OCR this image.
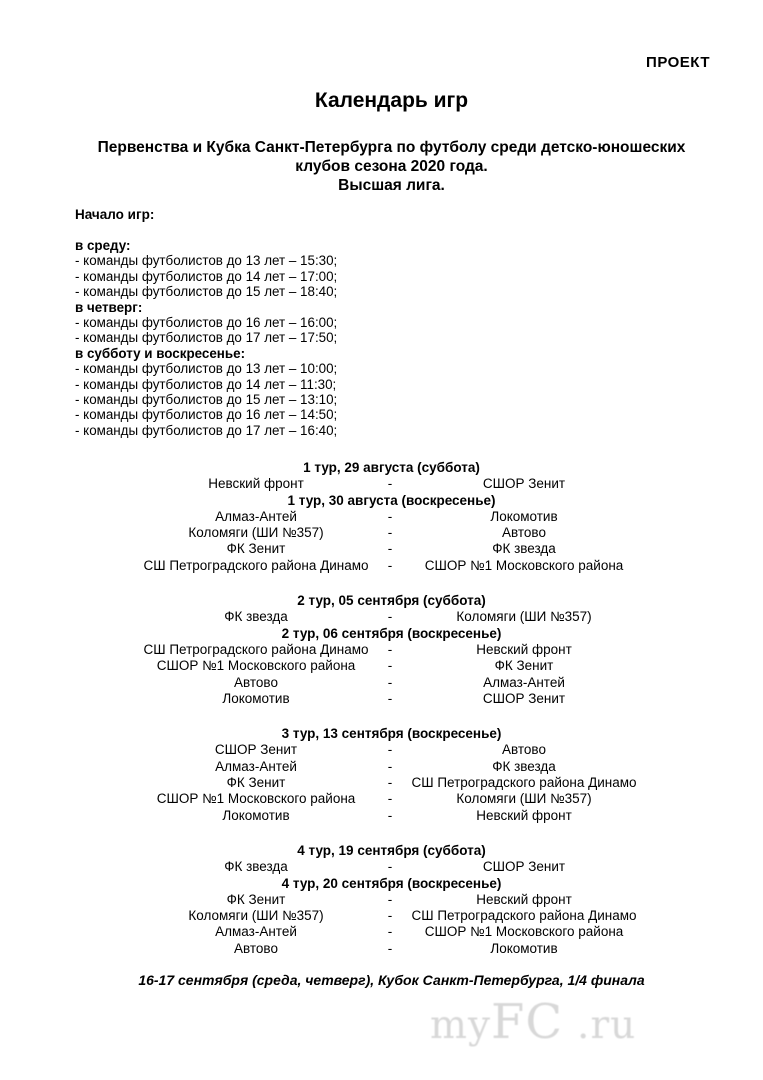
ПРОЕКТ
Календарь игр
Первенства и Кубка Санкт-Петербурга по футболу среди детско-юношеских
клубов сезона 2020 года.
Высшая лига.
Начало игр:
в среду:
- команды футболистов до 13 лет – 15:30;
- команды футболистов до 14 лет – 17:00;
- команды футболистов до 15 лет – 18:40;
в четверг:
- команды футболистов до 16 лет – 16:00;
- команды футболистов до 17 лет – 17:50;
в субботу и воскресенье:
- команды футболистов до 13 лет – 10:00;
- команды футболистов до 14 лет – 11:30;
- команды футболистов до 15 лет – 13:10;
- команды футболистов до 16 лет – 14:50;
- команды футболистов до 17 лет – 16:40;
1 тур, 29 августа (суббота)
Невский фронт	-	СШОР Зенит
1 тур, 30 августа (воскресенье)
Алмаз-Антей	-	Локомотив
Коломяги (ШИ №357)	-	Автово
ФК Зенит	-	ФК звезда
СШ Петроградского района Динамо	-	СШОР №1 Московского района
2 тур, 05 сентября (суббота)
ФК звезда	-	Коломяги (ШИ №357)
2 тур, 06 сентября (воскресенье)
СШ Петроградского района Динамо	-	Невский фронт
СШОР №1 Московского района	-	ФК Зенит
Автово	-	Алмаз-Антей
Локомотив	-	СШОР Зенит
3 тур, 13 сентября (воскресенье)
СШОР Зенит	-	Автово
Алмаз-Антей	-	ФК звезда
ФК Зенит	-	СШ Петроградского района Динамо
СШОР №1 Московского района	-	Коломяги (ШИ №357)
Локомотив	-	Невский фронт
4 тур, 19 сентября (суббота)
ФК звезда	-	СШОР Зенит
4 тур, 20 сентября (воскресенье)
ФК Зенит	-	Невский фронт
Коломяги (ШИ №357)	-	СШ Петроградского района Динамо
Алмаз-Антей	-	СШОР №1 Московского района
Автово	-	Локомотив
16-17 сентября (среда, четверг), Кубок Санкт-Петербурга, 1/4 финала
myFC .ru
